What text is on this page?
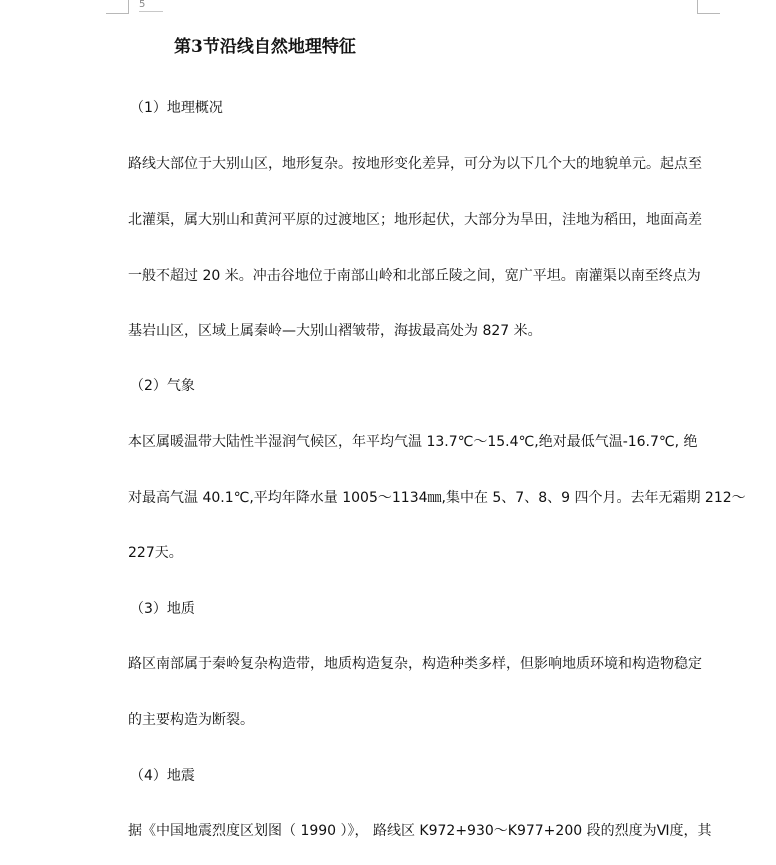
5
第3节沿线自然地理特征
（1）地理概况
路线大部位于大别山区，地形复杂。按地形变化差异，可分为以下几个大的地貌单元。起点至
北灌渠，属大别山和黄河平原的过渡地区；地形起伏，大部分为旱田，洼地为稻田，地面高差
一般不超过 20 米。冲击谷地位于南部山岭和北部丘陵之间，宽广平坦。南灌渠以南至终点为
基岩山区，区域上属秦岭—大别山褶皱带，海拔最高处为 827 米。
（2）气象
本区属暖温带大陆性半湿润气候区，年平均气温 13.7℃～15.4℃,绝对最低气温-16.7℃, 绝
对最高气温 40.1℃,平均年降水量 1005～1134㎜,集中在 5、7、8、9 四个月。去年无霜期 212～
227天。
（3）地质
路区南部属于秦岭复杂构造带，地质构造复杂，构造种类多样，但影响地质环境和构造物稳定
的主要构造为断裂。
（4）地震
据《中国地震烈度区划图（ 1990 ）》， 路线区 K972+930～K977+200 段的烈度为Ⅵ度，其
